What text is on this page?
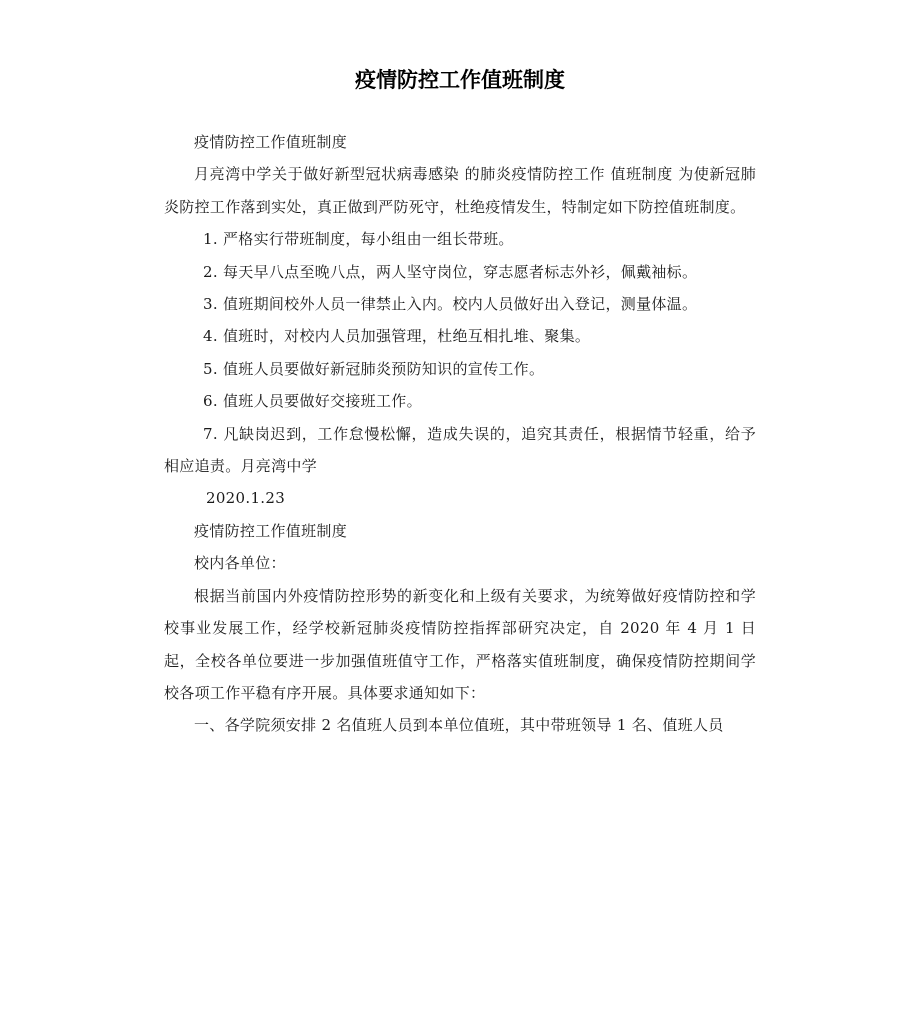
疫情防控工作值班制度

疫情防控工作值班制度

月亮湾中学关于做好新型冠状病毒感染 的肺炎疫情防控工作 值班制度 为使新冠肺炎防控工作落到实处，真正做到严防死守，杜绝疫情发生，特制定如下防控值班制度。

1. 严格实行带班制度，每小组由一组长带班。

2. 每天早八点至晚八点，两人坚守岗位，穿志愿者标志外衫，佩戴袖标。

3. 值班期间校外人员一律禁止入内。校内人员做好出入登记，测量体温。

4. 值班时，对校内人员加强管理，杜绝互相扎堆、聚集。

5. 值班人员要做好新冠肺炎预防知识的宣传工作。

6. 值班人员要做好交接班工作。

7. 凡缺岗迟到，工作怠慢松懈，造成失误的，追究其责任，根据情节轻重，给予相应追责。月亮湾中学

2020.1.23

疫情防控工作值班制度

校内各单位：

根据当前国内外疫情防控形势的新变化和上级有关要求，为统筹做好疫情防控和学校事业发展工作，经学校新冠肺炎疫情防控指挥部研究决定，自 2020 年 4 月 1 日起，全校各单位要进一步加强值班值守工作，严格落实值班制度，确保疫情防控期间学校各项工作平稳有序开展。具体要求通知如下：

一、各学院须安排 2 名值班人员到本单位值班，其中带班领导 1 名、值班人员
